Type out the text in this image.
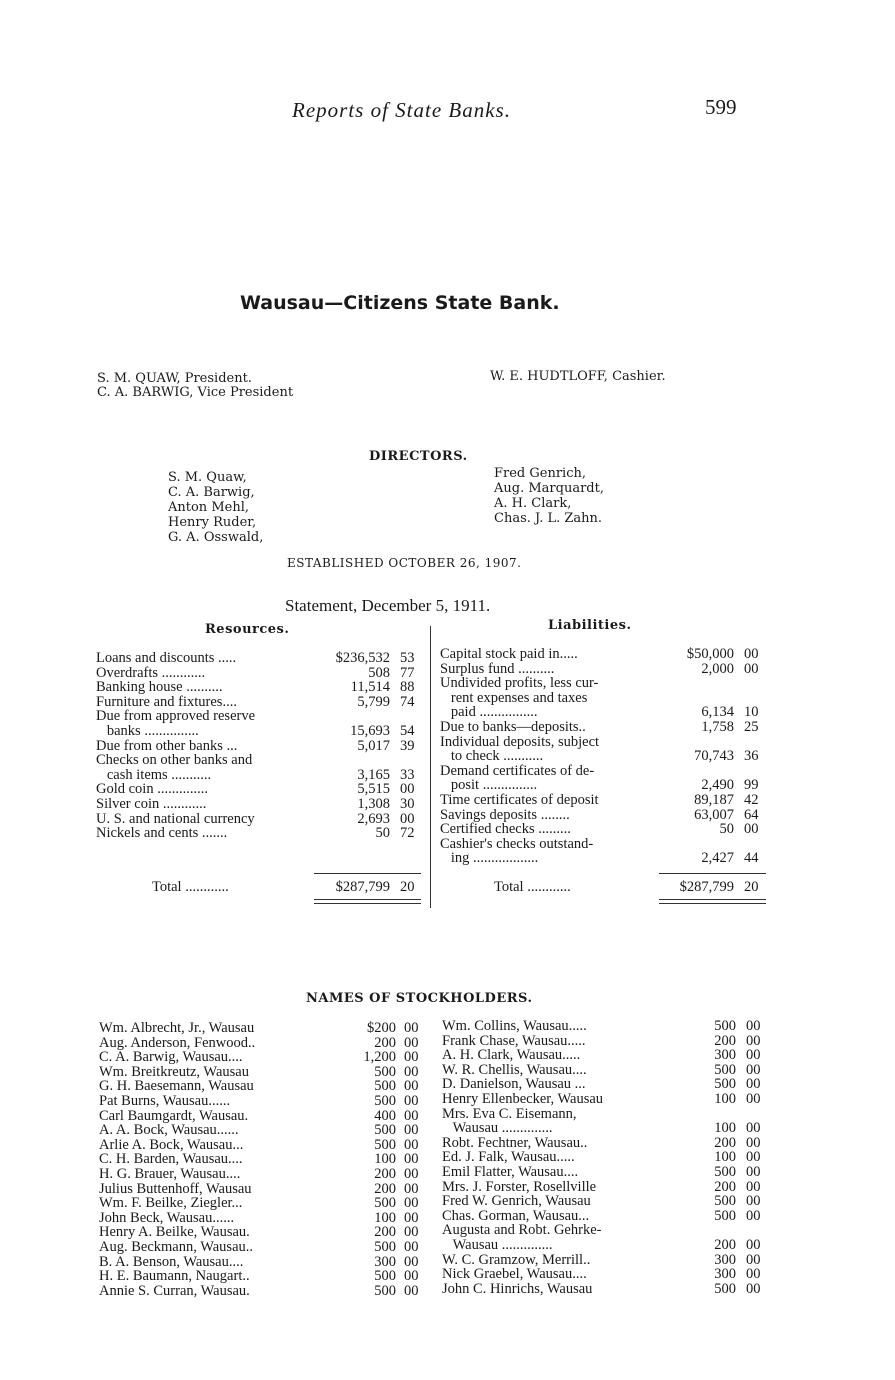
Reports of State Banks.	599
Wausau—Citizens State Bank.
S. M. QUAW, President.
C. A. BARWIG, Vice President
W. E. HUDTLOFF, Cashier.
DIRECTORS.
S. M. Quaw,
C. A. Barwig,
Anton Mehl,
Henry Ruder,
G. A. Osswald,
Fred Genrich,
Aug. Marquardt,
A. H. Clark,
Chas. J. L. Zahn.
ESTABLISHED OCTOBER 26, 1907.
Statement, December 5, 1911.
Resources.	Liabilities.
Loans and discounts .....	$236,532 53
Overdrafts ............	508 77
Banking house ..........	11,514 88
Furniture and fixtures....	5,799 74
Due from approved reserve
banks ...............	15,693 54
Due from other banks ...	5,017 39
Checks on other banks and
cash items ...........	3,165 33
Gold coin ..............	5,515 00
Silver coin ............	1,308 30
U. S. and national currency	2,693 00
Nickels and cents .......	50 72
Total ............	$287,799 20
Capital stock paid in.....	$50,000 00
Surplus fund ..........	2,000 00
Undivided profits, less cur-
rent expenses and taxes
paid ................	6,134 10
Due to banks—deposits..	1,758 25
Individual deposits, subject
to check ...........	70,743 36
Demand certificates of de-
posit ...............	2,490 99
Time certificates of deposit	89,187 42
Savings deposits ........	63,007 64
Certified checks .........	50 00
Cashier's checks outstand-
ing ..................	2,427 44
Total ............	$287,799 20
NAMES OF STOCKHOLDERS.
Wm. Albrecht, Jr., Wausau	$200 00
Aug. Anderson, Fenwood..	200 00
C. A. Barwig, Wausau....	1,200 00
Wm. Breitkreutz, Wausau	500 00
G. H. Baesemann, Wausau	500 00
Pat Burns, Wausau......	500 00
Carl Baumgardt, Wausau.	400 00
A. A. Bock, Wausau......	500 00
Arlie A. Bock, Wausau...	500 00
C. H. Barden, Wausau....	100 00
H. G. Brauer, Wausau....	200 00
Julius Buttenhoff, Wausau	200 00
Wm. F. Beilke, Ziegler...	500 00
John Beck, Wausau......	100 00
Henry A. Beilke, Wausau.	200 00
Aug. Beckmann, Wausau..	500 00
B. A. Benson, Wausau....	300 00
H. E. Baumann, Naugart..	500 00
Annie S. Curran, Wausau.	500 00
Wm. Collins, Wausau.....	500 00
Frank Chase, Wausau.....	200 00
A. H. Clark, Wausau.....	300 00
W. R. Chellis, Wausau....	500 00
D. Danielson, Wausau ...	500 00
Henry Ellenbecker, Wausau	100 00
Mrs. Eva C. Eisemann,
Wausau ..............	100 00
Robt. Fechtner, Wausau..	200 00
Ed. J. Falk, Wausau.....	100 00
Emil Flatter, Wausau....	500 00
Mrs. J. Forster, Rosellville	200 00
Fred W. Genrich, Wausau	500 00
Chas. Gorman, Wausau...	500 00
Augusta and Robt. Gehrke-
Wausau ..............	200 00
W. C. Gramzow, Merrill..	300 00
Nick Graebel, Wausau....	300 00
John C. Hinrichs, Wausau	500 00
